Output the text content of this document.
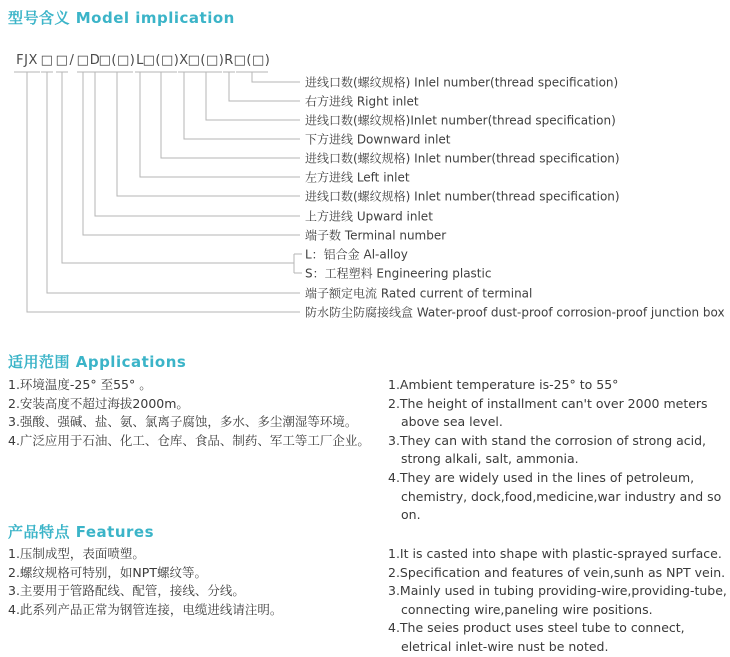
型号含义 Model implication
FJX □ □ / □ D
□(□) L
□(□) X
□(□) R □(□)
进线口数(螺纹规格) Inlel number(thread specification)
右方进线 Right inlet
进线口数(螺纹规格)Inlet number(thread specification)
下方进线 Downward inlet
进线口数(螺纹规格) Inlet number(thread specification)
左方进线 Left inlet
进线口数(螺纹规格) Inlet number(thread specification)
上方进线 Upward inlet
端子数 Terminal number
L：铝合金 Al-alloy
S：工程塑料 Engineering plastic
端子额定电流 Rated current of terminal
防水防尘防腐接线盒 Water-proof dust-proof corrosion-proof junction box
适用范围 Applications
1.环境温度-25° 至55° 。
2.安装高度不超过海拔2000m。
3.强酸、强碱、盐、氨、氯离子腐蚀，多水、多尘潮湿等环境。
4.广泛应用于石油、化工、仓库、食品、制药、军工等工厂企业。
1.Ambient temperature is-25° to 55°
2.The height of installment can't over 2000 meters above sea level.
3.They can with stand the corrosion of strong acid, strong alkali, salt, ammonia.
4.They are widely used in the lines of petroleum, chemistry, dock,food,medicine,war industry and so on.
产品特点 Features
1.压制成型，表面喷塑。
2.螺纹规格可特别，如NPT螺纹等。
3.主要用于管路配线、配管，接线、分线。
4.此系列产品正常为钢管连接，电缆进线请注明。
1.It is casted into shape with plastic-sprayed surface.
2.Specification and features of vein,sunh as NPT vein.
3.Mainly used in tubing providing-wire,providing-tube, connecting wire,paneling wire positions.
4.The seies product uses steel tube to connect, eletrical inlet-wire nust be noted.
